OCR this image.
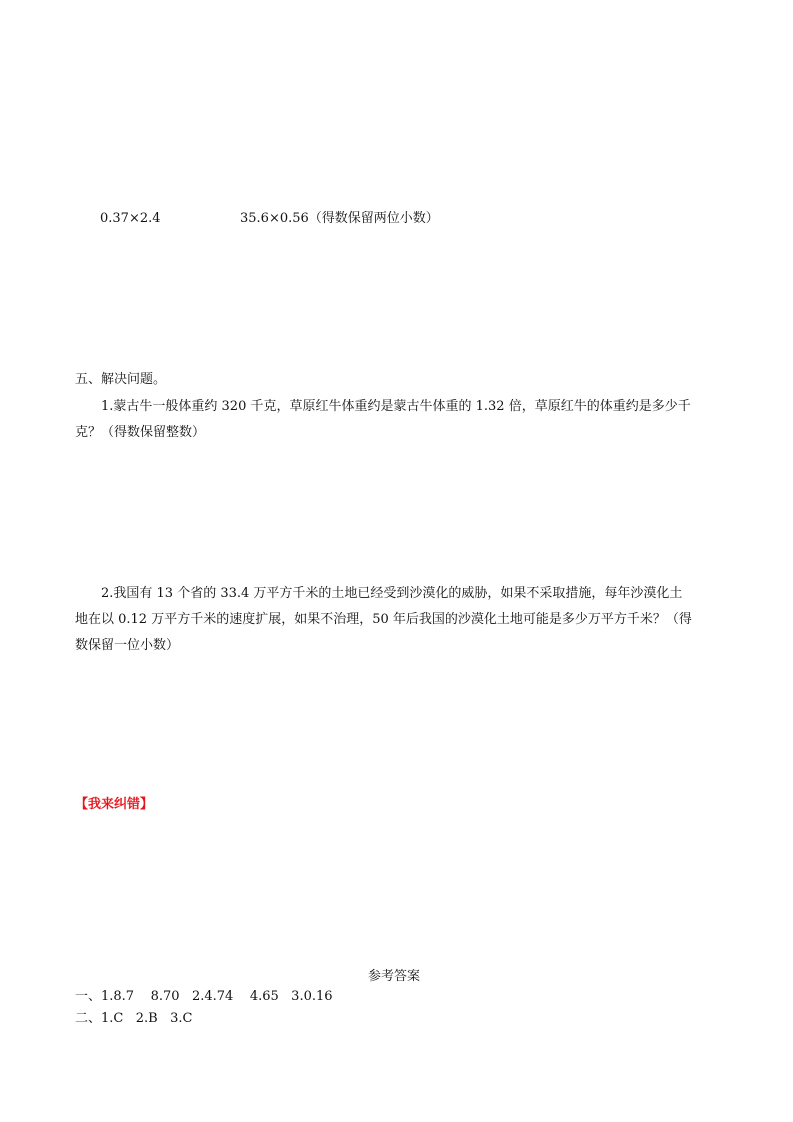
0.37×2.4	35.6×0.56（得数保留两位小数）
五、解决问题。
1.蒙古牛一般体重约 320 千克，草原红牛体重约是蒙古牛体重的 1.32 倍，草原红牛的体重约是多少千
克？（得数保留整数）
2.我国有 13 个省的 33.4 万平方千米的土地已经受到沙漠化的威胁，如果不采取措施，每年沙漠化土
地在以 0.12 万平方千米的速度扩展，如果不治理，50 年后我国的沙漠化土地可能是多少万平方千米？（得
数保留一位小数）
【我来纠错】
参考答案
一、1.8.7    8.70   2.4.74    4.65   3.0.16
二、1.C   2.B   3.C
